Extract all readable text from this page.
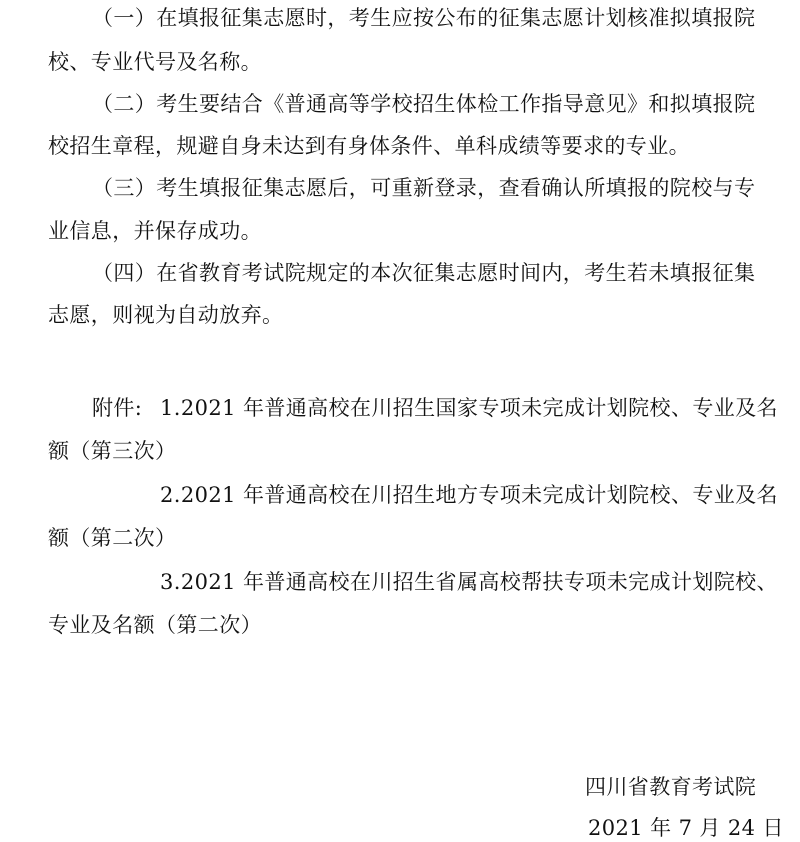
（一）在填报征集志愿时，考生应按公布的征集志愿计划核准拟填报院
校、专业代号及名称。
（二）考生要结合《普通高等学校招生体检工作指导意见》和拟填报院
校招生章程，规避自身未达到有身体条件、单科成绩等要求的专业。
（三）考生填报征集志愿后，可重新登录，查看确认所填报的院校与专
业信息，并保存成功。
（四）在省教育考试院规定的本次征集志愿时间内，考生若未填报征集
志愿，则视为自动放弃。
附件: 1.2021 年普通高校在川招生国家专项未完成计划院校、专业及名
额（第三次）
2.2021 年普通高校在川招生地方专项未完成计划院校、专业及名
额（第二次）
3.2021 年普通高校在川招生省属高校帮扶专项未完成计划院校、
专业及名额（第二次）
四川省教育考试院
2021 年 7 月 24 日
